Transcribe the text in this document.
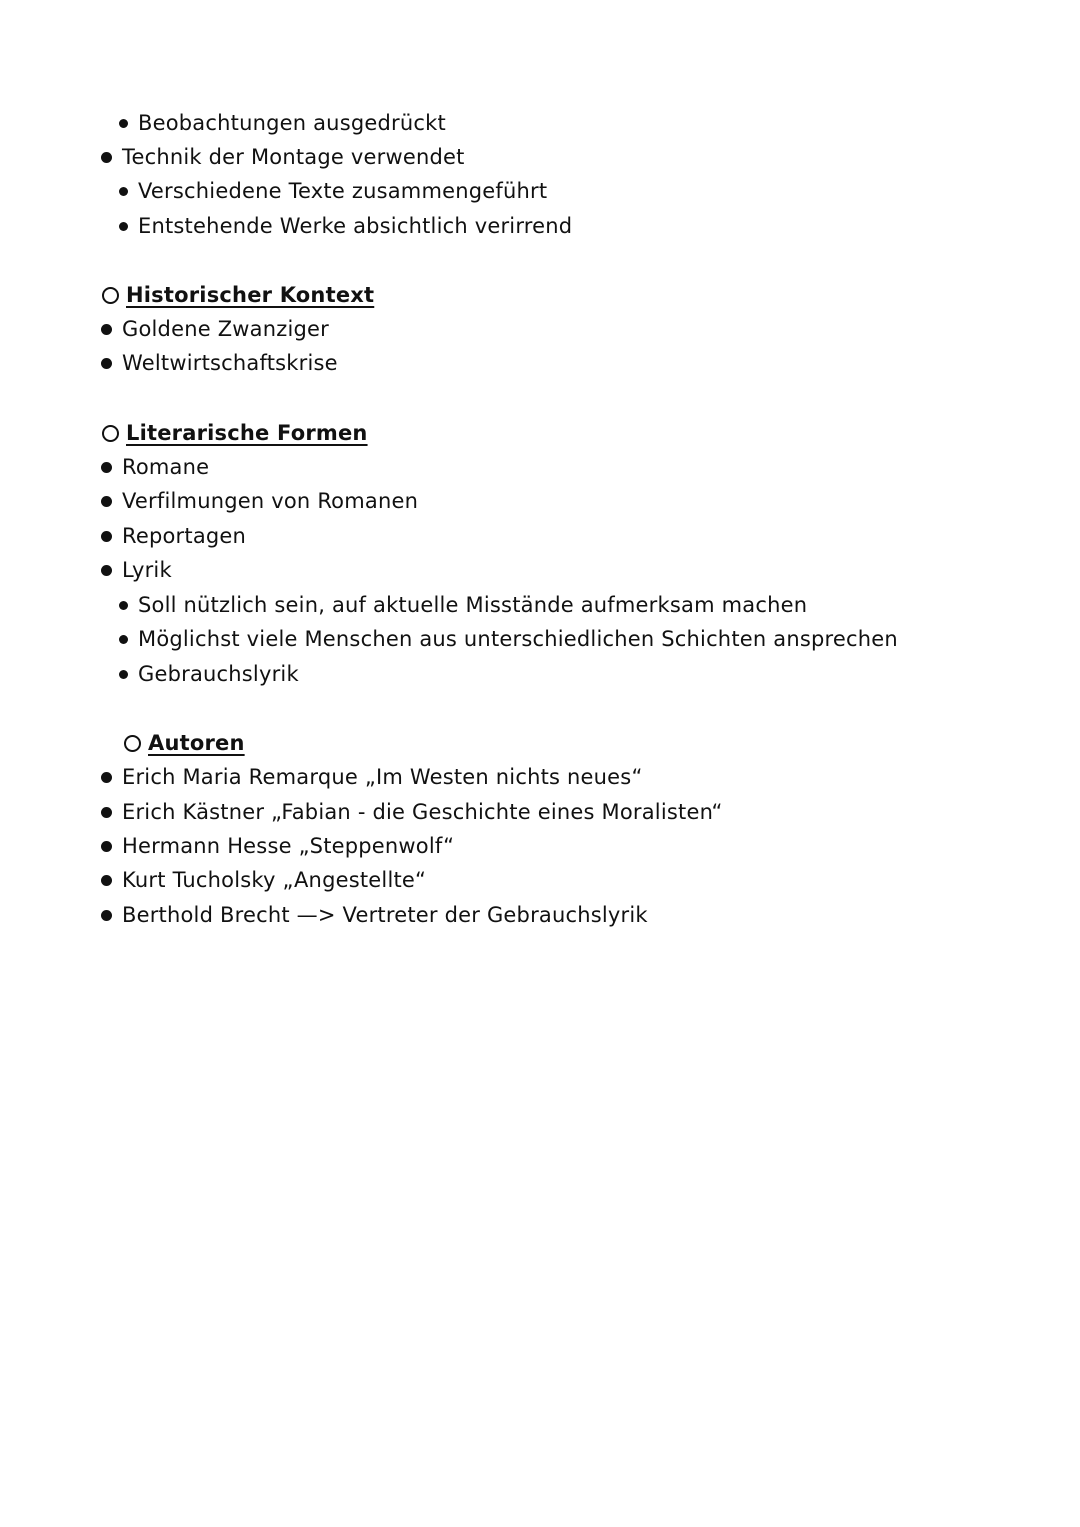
Beobachtungen ausgedrückt
Technik der Montage verwendet
Verschiedene Texte zusammengeführt
Entstehende Werke absichtlich verirrend
Historischer Kontext
Goldene Zwanziger
Weltwirtschaftskrise
Literarische Formen
Romane
Verfilmungen von Romanen
Reportagen
Lyrik
Soll nützlich sein, auf aktuelle Misstände aufmerksam machen
Möglichst viele Menschen aus unterschiedlichen Schichten ansprechen
Gebrauchslyrik
Autoren
Erich Maria Remarque „Im Westen nichts neues“
Erich Kästner „Fabian - die Geschichte eines Moralisten“
Hermann Hesse „Steppenwolf“
Kurt Tucholsky „Angestellte“
Berthold Brecht —> Vertreter der Gebrauchslyrik
